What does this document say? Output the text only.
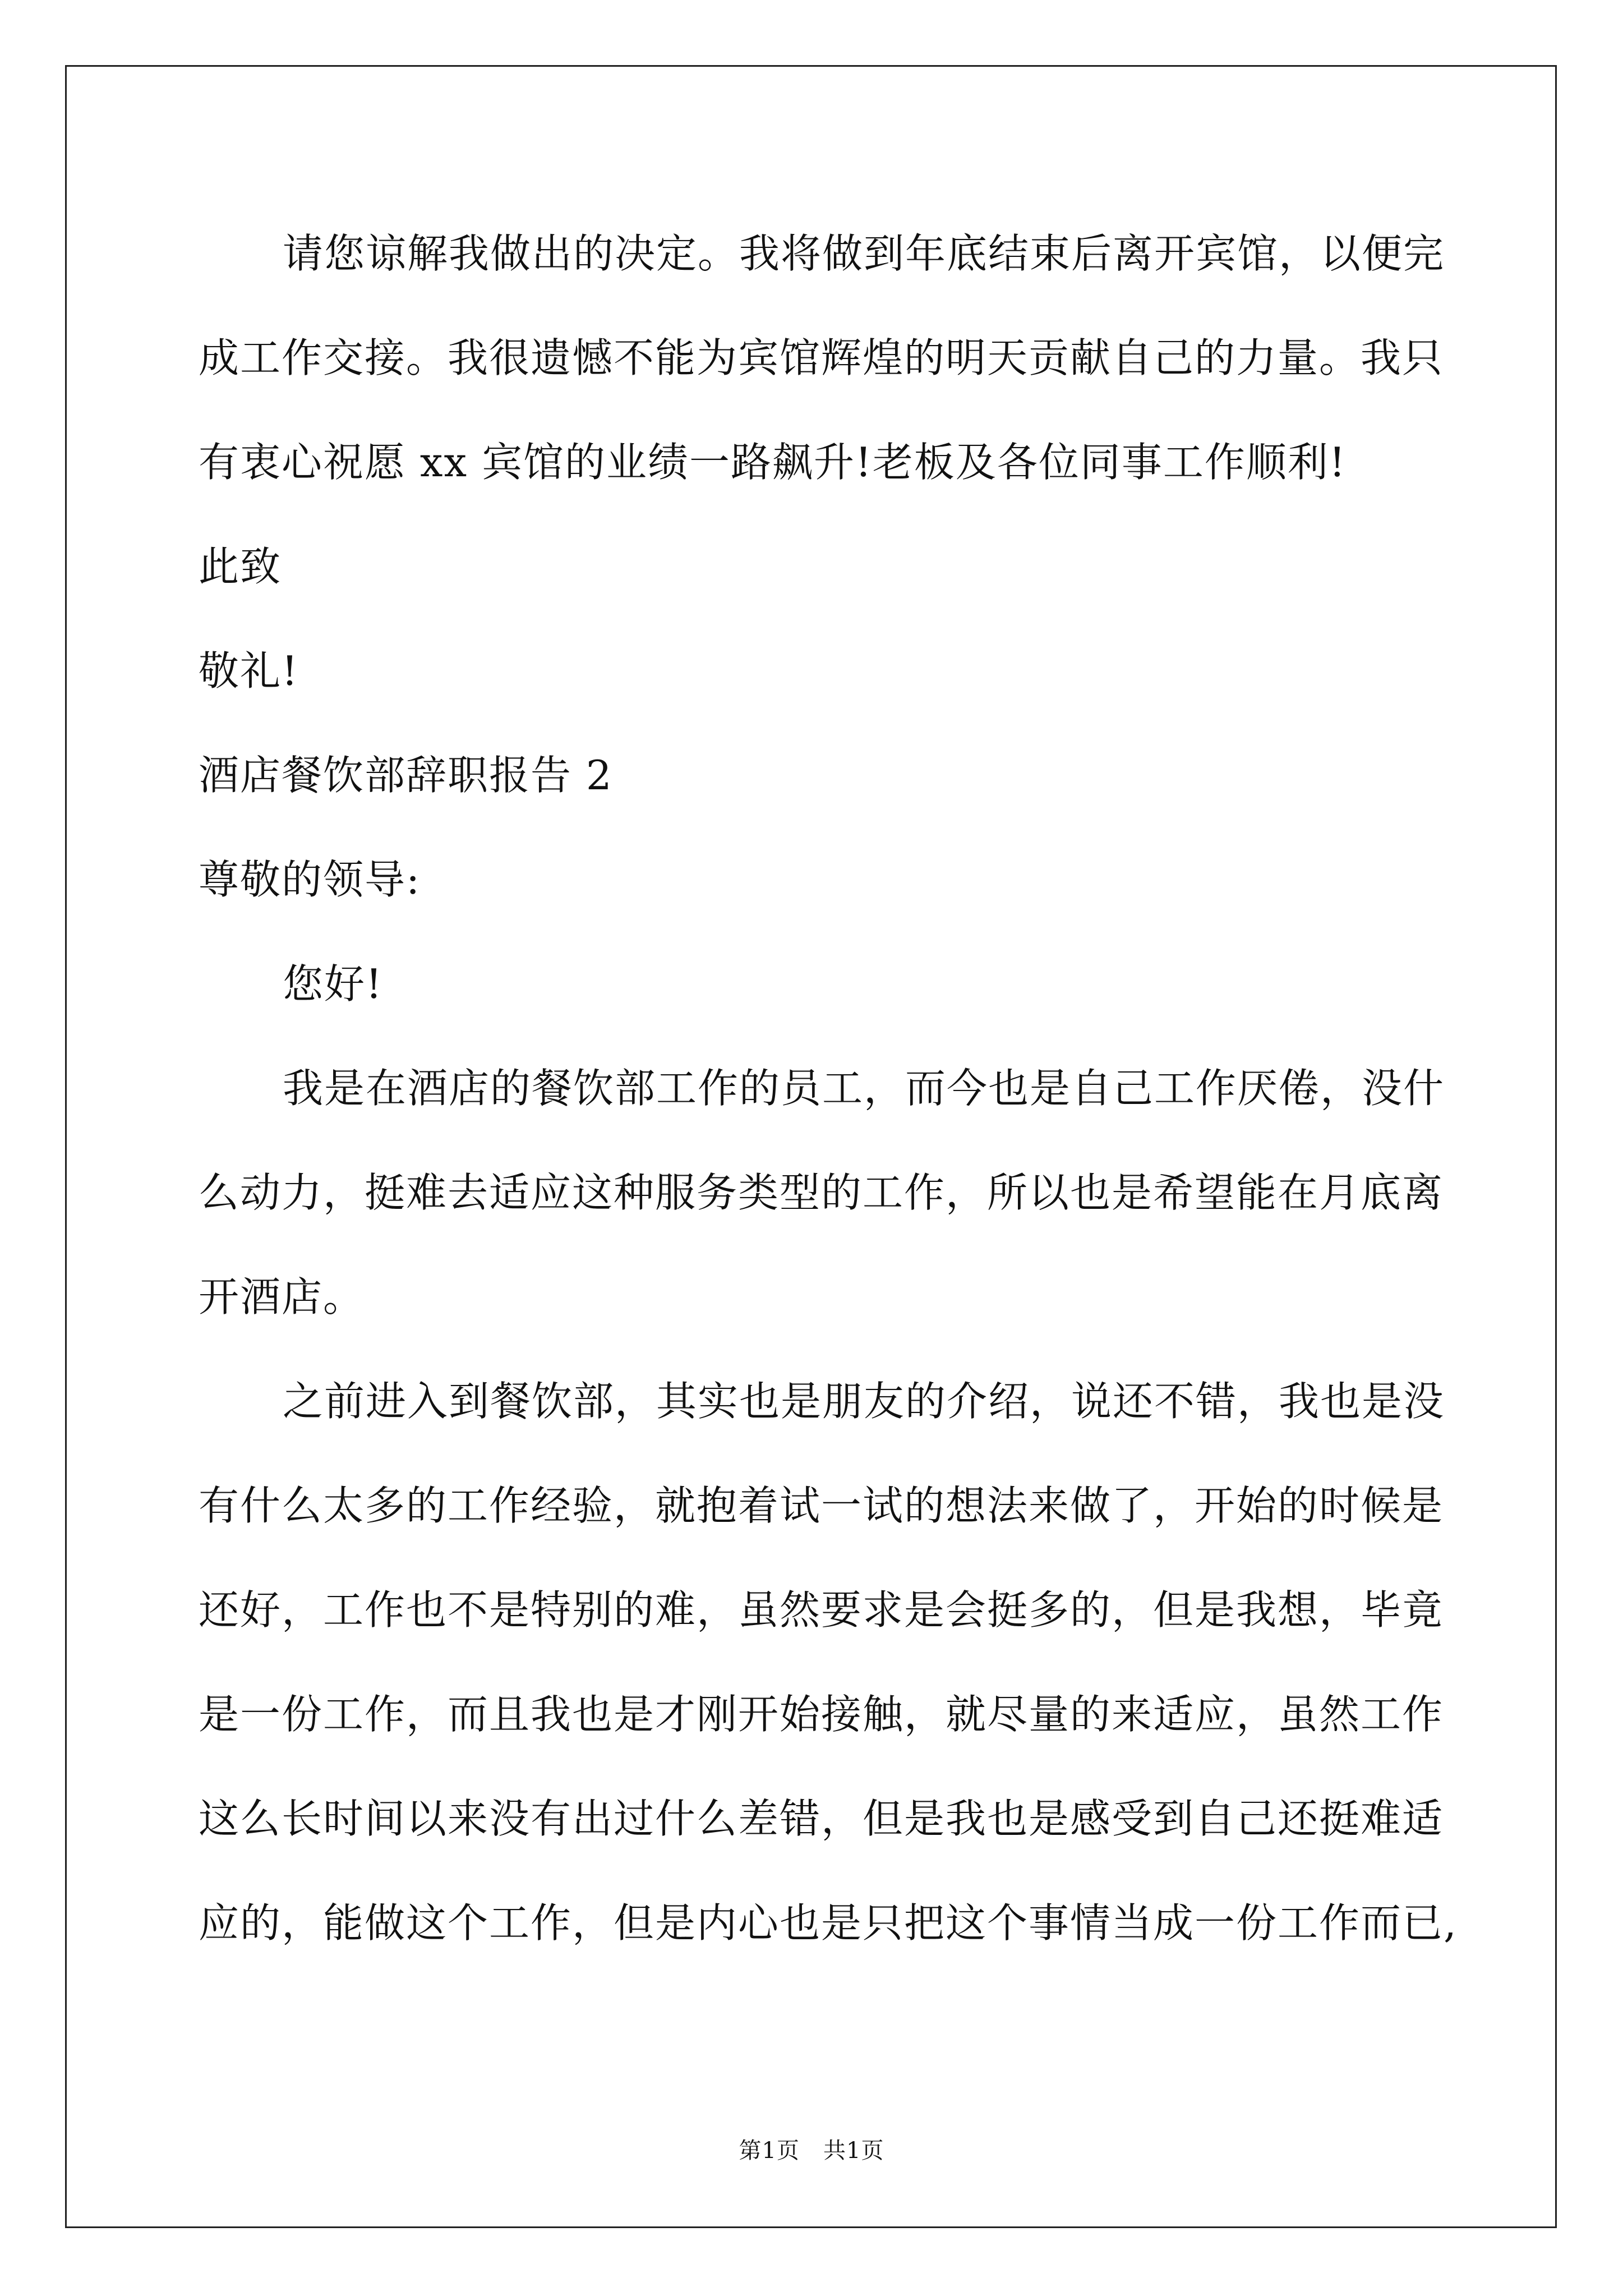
请您谅解我做出的决定。我将做到年底结束后离开宾馆，以便完
成工作交接。我很遗憾不能为宾馆辉煌的明天贡献自己的力量。我只
有衷心祝愿 xx 宾馆的业绩一路飙升!老板及各位同事工作顺利!
此致
敬礼!
酒店餐饮部辞职报告 2
尊敬的领导:
您好!
我是在酒店的餐饮部工作的员工，而今也是自己工作厌倦，没什
么动力，挺难去适应这种服务类型的工作，所以也是希望能在月底离
开酒店。
之前进入到餐饮部，其实也是朋友的介绍，说还不错，我也是没
有什么太多的工作经验，就抱着试一试的想法来做了，开始的时候是
还好，工作也不是特别的难，虽然要求是会挺多的，但是我想，毕竟
是一份工作，而且我也是才刚开始接触，就尽量的来适应，虽然工作
这么长时间以来没有出过什么差错，但是我也是感受到自己还挺难适
应的，能做这个工作，但是内心也是只把这个事情当成一份工作而已,
第1页 共1页
